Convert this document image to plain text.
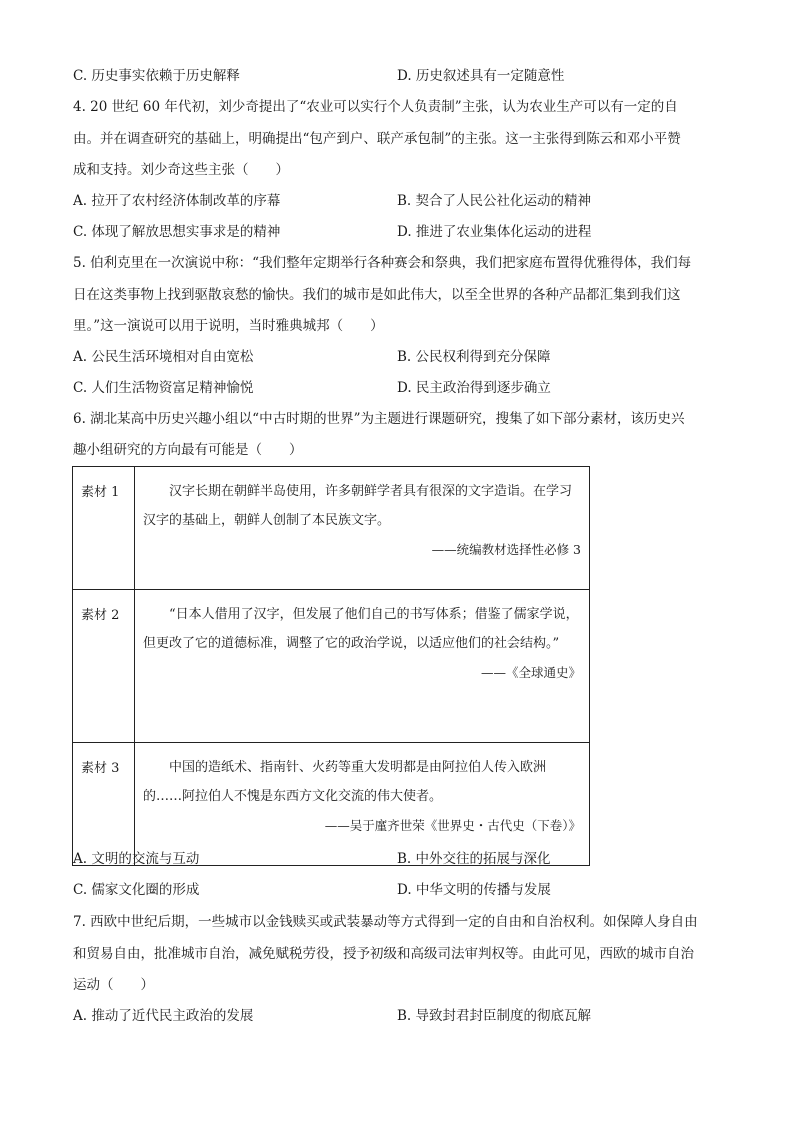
C. 历史事实依赖于历史解释	D. 历史叙述具有一定随意性
4. 20 世纪 60 年代初，刘少奇提出了“农业可以实行个人负责制”主张，认为农业生产可以有一定的自
由。并在调查研究的基础上，明确提出“包产到户、联产承包制”的主张。这一主张得到陈云和邓小平赞
成和支持。刘少奇这些主张（　　）
A. 拉开了农村经济体制改革的序幕	B. 契合了人民公社化运动的精神
C. 体现了解放思想实事求是的精神	D. 推进了农业集体化运动的进程
5. 伯利克里在一次演说中称：“我们整年定期举行各种赛会和祭典，我们把家庭布置得优雅得体，我们每
日在这类事物上找到驱散哀愁的愉快。我们的城市是如此伟大，以至全世界的各种产品都汇集到我们这
里。”这一演说可以用于说明，当时雅典城邦（　　）
A. 公民生活环境相对自由宽松	B. 公民权利得到充分保障
C. 人们生活物资富足精神愉悦	D. 民主政治得到逐步确立
6. 湖北某高中历史兴趣小组以“中古时期的世界”为主题进行课题研究，搜集了如下部分素材，该历史兴
趣小组研究的方向最有可能是（　　）
素材 1	汉字长期在朝鲜半岛使用，许多朝鲜学者具有很深的文字造诣。在学习汉字的基础上，朝鲜人创制了本民族文字。
——统编教材选择性必修 3

素材 2	“日本人借用了汉字，但发展了他们自己的书写体系；借鉴了儒家学说，但更改了它的道德标准，调整了它的政治学说，以适应他们的社会结构。”
——《全球通史》

素材 3	中国的造纸术、指南针、火药等重大发明都是由阿拉伯人传入欧洲的……阿拉伯人不愧是东西方文化交流的伟大使者。
——吴于廑齐世荣《世界史・古代史（下卷）》
A. 文明的交流与互动	B. 中外交往的拓展与深化
C. 儒家文化圈的形成	D. 中华文明的传播与发展
7. 西欧中世纪后期，一些城市以金钱赎买或武装暴动等方式得到一定的自由和自治权利。如保障人身自由
和贸易自由，批准城市自治，减免赋税劳役，授予初级和高级司法审判权等。由此可见，西欧的城市自治
运动（　　）
A. 推动了近代民主政治的发展	B. 导致封君封臣制度的彻底瓦解
